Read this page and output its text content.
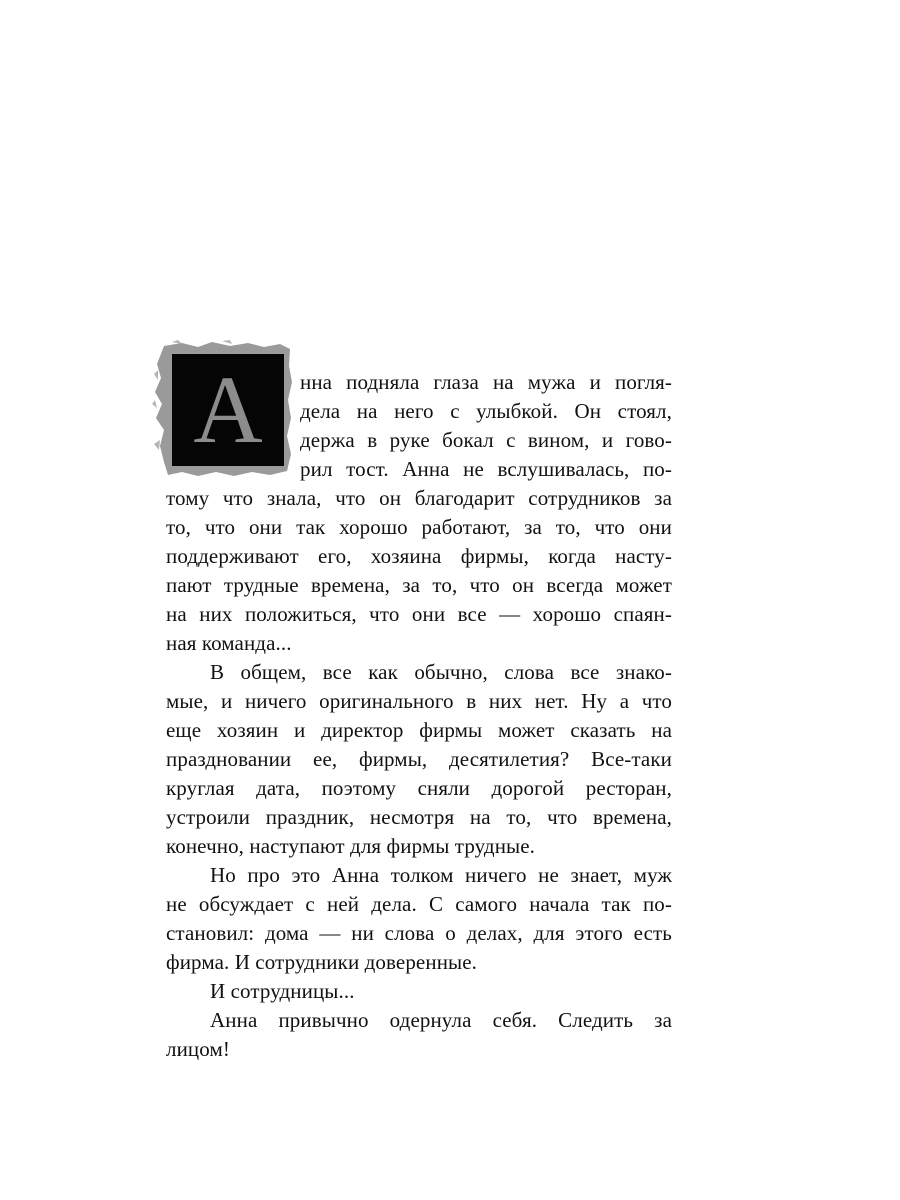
А нна подняла глаза на мужа и погля-
дела на него с улыбкой. Он стоял,
держа в руке бокал с вином, и гово-
рил тост. Анна не вслушивалась, по-
тому что знала, что он благодарит сотрудников за
то, что они так хорошо работают, за то, что они
поддерживают его, хозяина фирмы, когда насту-
пают трудные времена, за то, что он всегда может
на них положиться, что они все — хорошо спаян-
ная команда...
В общем, все как обычно, слова все знако-
мые, и ничего оригинального в них нет. Ну а что
еще хозяин и директор фирмы может сказать на
праздновании ее, фирмы, десятилетия? Все-таки
круглая дата, поэтому сняли дорогой ресторан,
устроили праздник, несмотря на то, что времена,
конечно, наступают для фирмы трудные.
Но про это Анна толком ничего не знает, муж
не обсуждает с ней дела. С самого начала так по-
становил: дома — ни слова о делах, для этого есть
фирма. И сотрудники доверенные.
И сотрудницы...
Анна привычно одернула себя. Следить за
лицом!
